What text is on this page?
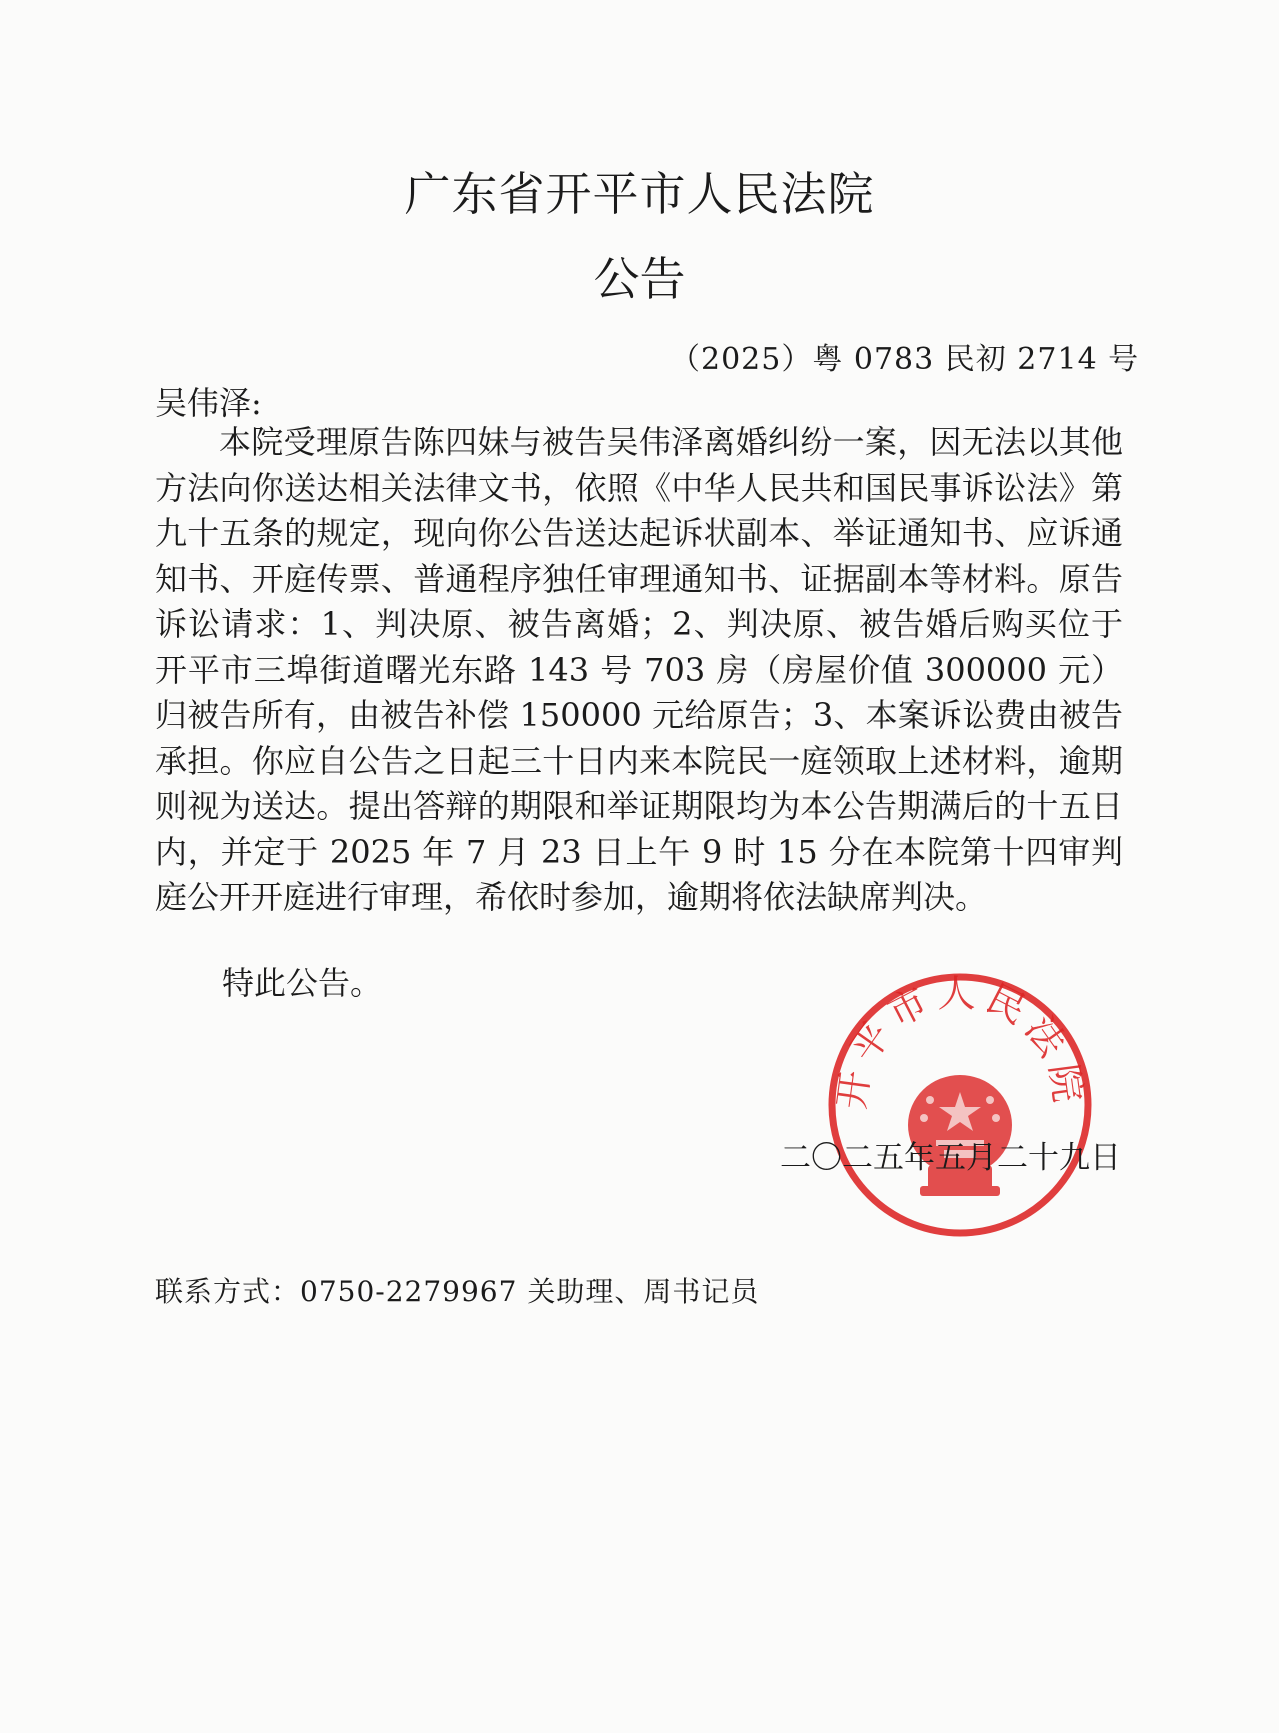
广东省开平市人民法院
公告
（2025）粤 0783 民初 2714 号
吴伟泽:

本院受理原告陈四妹与被告吴伟泽离婚纠纷一案，因无法以其他方法向你送达相关法律文书，依照《中华人民共和国民事诉讼法》第九十五条的规定，现向你公告送达起诉状副本、举证通知书、应诉通知书、开庭传票、普通程序独任审理通知书、证据副本等材料。原告诉讼请求：1、判决原、被告离婚；2、判决原、被告婚后购买位于开平市三埠街道曙光东路 143 号 703 房（房屋价值 300000 元）归被告所有，由被告补偿 150000 元给原告；3、本案诉讼费由被告承担。你应自公告之日起三十日内来本院民一庭领取上述材料，逾期则视为送达。提出答辩的期限和举证期限均为本公告期满后的十五日内，并定于 2025 年 7 月 23 日上午 9 时 15 分在本院第十四审判庭公开开庭进行审理，希依时参加，逾期将依法缺席判决。

特此公告。
开平市人民法院
二〇二五年五月二十九日
联系方式：0750-2279967 关助理、周书记员
